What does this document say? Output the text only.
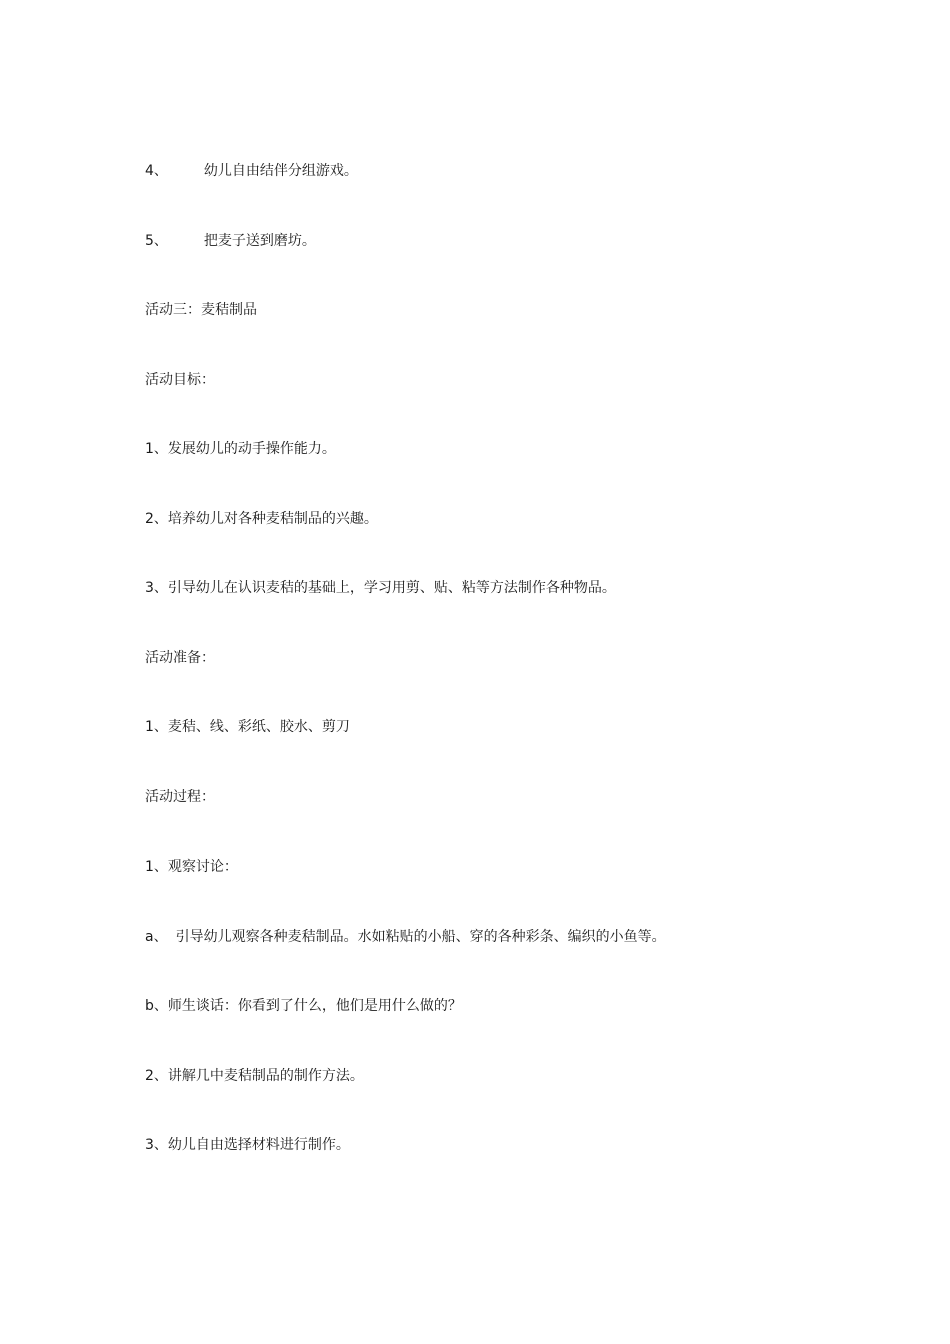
4、	幼儿自由结伴分组游戏。
5、	把麦子送到磨坊。
活动三：麦秸制品
活动目标：
1、发展幼儿的动手操作能力。
2、培养幼儿对各种麦秸制品的兴趣。
3、引导幼儿在认识麦秸的基础上，学习用剪、贴、粘等方法制作各种物品。
活动准备：
1、麦秸、线、彩纸、胶水、剪刀
活动过程：
1、观察讨论：
a、 引导幼儿观察各种麦秸制品。水如粘贴的小船、穿的各种彩条、编织的小鱼等。
b、师生谈话：你看到了什么，他们是用什么做的？
2、讲解几中麦秸制品的制作方法。
3、幼儿自由选择材料进行制作。
